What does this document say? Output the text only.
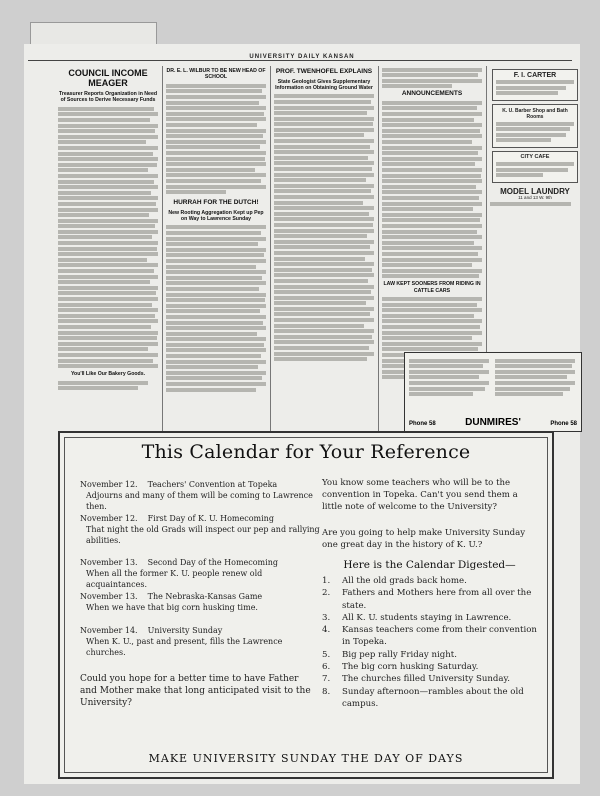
UNIVERSITY DAILY KANSAN
COUNCIL INCOME MEAGER
Treasurer Reports Organization in Need of Sources to Derive Necessary Funds
You'll Like Our Bakery Goods.
DR. E. L. WILBUR TO BE NEW HEAD OF SCHOOL
HURRAH FOR THE DUTCH!
New Rooting Aggregation Kept up Pep on Way to Lawrence Sunday
PROF. TWENHOFEL EXPLAINS
State Geologist Gives Supplementary Information on Obtaining Ground Water
ANNOUNCEMENTS
LAW KEPT SOONERS FROM RIDING IN CATTLE CARS
F. I. CARTER
K. U. Barber Shop and Bath Rooms
CITY CAFE
MODEL LAUNDRY
11 and 13 W. 9th
Phone 58	DUNMIRES'	Phone 58
This Calendar for Your Reference
November 12. Teachers' Convention at Topeka
Adjourns and many of them will be coming to Lawrence then.
November 12. First Day of K. U. Homecoming
That night the old Grads will inspect our pep and rallying abilities.
November 13. Second Day of the Homecoming
When all the former K. U. people renew old acquaintances.
November 13. The Nebraska-Kansas Game
When we have that big corn husking time.
November 14. University Sunday
When K. U., past and present, fills the Lawrence churches.
Could you hope for a better time to have Father and Mother make that long anticipated visit to the University?
You know some teachers who will be to the convention in Topeka. Can't you send them a little note of welcome to the University?
Are you going to help make University Sunday one great day in the history of K. U.?
Here is the Calendar Digested—
1.	All the old grads back home.
2.	Fathers and Mothers here from all over the state.
3.	All K. U. students staying in Lawrence.
4.	Kansas teachers come from their convention in Topeka.
5.	Big pep rally Friday night.
6.	The big corn husking Saturday.
7.	The churches filled University Sunday.
8.	Sunday afternoon—rambles about the old campus.
MAKE UNIVERSITY SUNDAY THE DAY OF DAYS
